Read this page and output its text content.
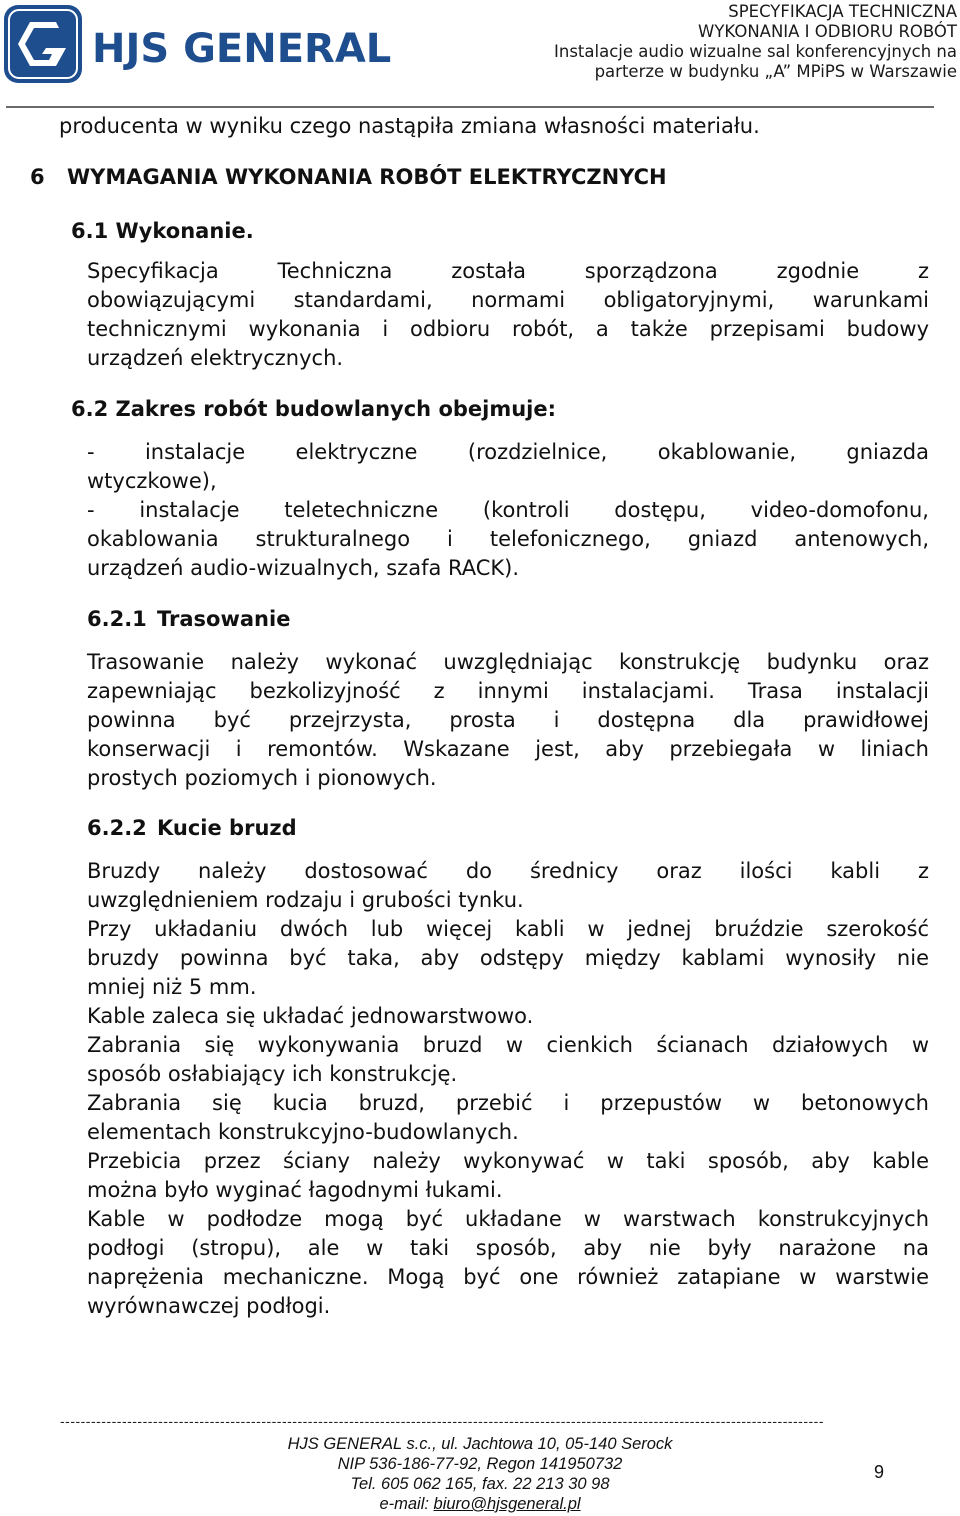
HJS GENERAL
SPECYFIKACJA TECHNICZNA
WYKONANIA I ODBIORU ROBÓT
Instalacje audio wizualne sal konferencyjnych na
parterze w budynku „A” MPiPS w Warszawie
producenta w wyniku czego nastąpiła zmiana własności materiału.
6 WYMAGANIA WYKONANIA ROBÓT ELEKTRYCZNYCH
6.1 Wykonanie.
Specyfikacja Techniczna została sporządzona zgodnie z
obowiązującymi standardami, normami obligatoryjnymi, warunkami
technicznymi wykonania i odbioru robót, a także przepisami budowy
urządzeń elektrycznych.
6.2 Zakres robót budowlanych obejmuje:
- instalacje elektryczne (rozdzielnice, okablowanie, gniazda
wtyczkowe),
- instalacje teletechniczne (kontroli dostępu, video-domofonu,
okablowania strukturalnego i telefonicznego, gniazd antenowych,
urządzeń audio-wizualnych, szafa RACK).
6.2.1 Trasowanie
Trasowanie należy wykonać uwzględniając konstrukcję budynku oraz
zapewniając bezkolizyjność z innymi instalacjami. Trasa instalacji
powinna być przejrzysta, prosta i dostępna dla prawidłowej
konserwacji i remontów. Wskazane jest, aby przebiegała w liniach
prostych poziomych i pionowych.
6.2.2 Kucie bruzd
Bruzdy należy dostosować do średnicy oraz ilości kabli z
uwzględnieniem rodzaju i grubości tynku.
Przy układaniu dwóch lub więcej kabli w jednej bruździe szerokość
bruzdy powinna być taka, aby odstępy między kablami wynosiły nie
mniej niż 5 mm.
Kable zaleca się układać jednowarstwowo.
Zabrania się wykonywania bruzd w cienkich ścianach działowych w
sposób osłabiający ich konstrukcję.
Zabrania się kucia bruzd, przebić i przepustów w betonowych
elementach konstrukcyjno-budowlanych.
Przebicia przez ściany należy wykonywać w taki sposób, aby kable
można było wyginać łagodnymi łukami.
Kable w podłodze mogą być układane w warstwach konstrukcyjnych
podłogi (stropu), ale w taki sposób, aby nie były narażone na
naprężenia mechaniczne. Mogą być one również zatapiane w warstwie
wyrównawczej podłogi.
----------------------------------------------------------------------------------------------------------------------------------------------------
HJS GENERAL s.c., ul. Jachtowa 10, 05-140 Serock
NIP 536-186-77-92, Regon 141950732
Tel. 605 062 165, fax. 22 213 30 98
e-mail: biuro@hjsgeneral.pl
9
